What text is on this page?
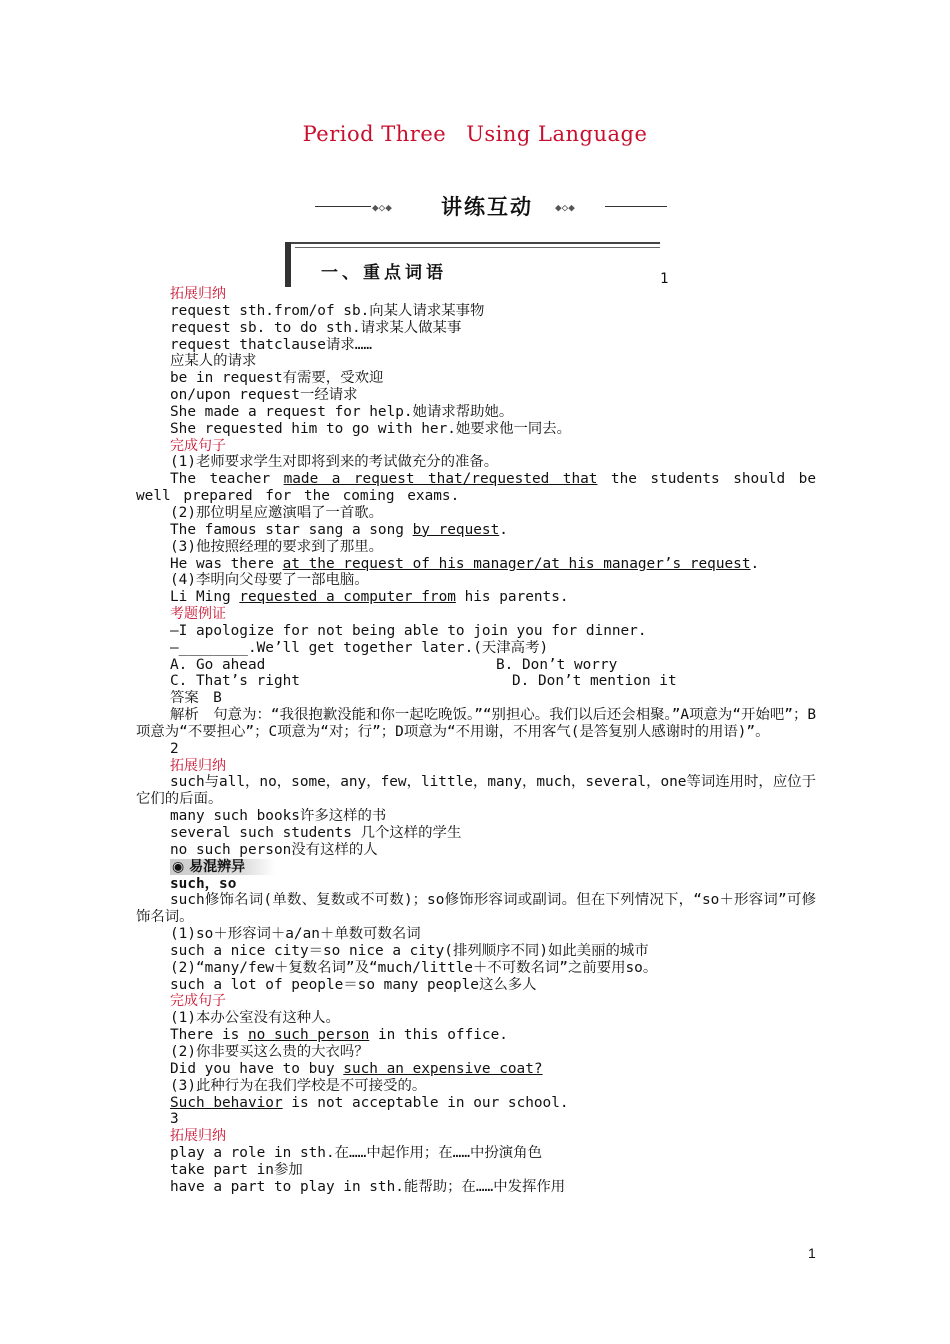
Period Three Using Language
◆◇◆ 讲练互动 ◆◇◆
一、重点词语	1
拓展归纳
request sth.from/of sb.向某人请求某事物
request sb. to do sth.请求某人做某事
request thatclause请求……
应某人的请求
be in request有需要，受欢迎
on/upon request一经请求
She made a request for help.她请求帮助她。
She requested him to go with her.她要求他一同去。
完成句子
(1)老师要求学生对即将到来的考试做充分的准备。
The teacher made a request that/requested that the students should be well prepared for the coming exams.
(2)那位明星应邀演唱了一首歌。
The famous star sang a song by request.
(3)他按照经理的要求到了那里。
He was there at the request of his manager/at his manager’s request.
(4)李明向父母要了一部电脑。
Li Ming requested a computer from his parents.
考题例证
—I apologize for not being able to join you for dinner.
—________.We’ll get together later.(天津高考)
A. Go ahead	B. Don’t worry
C. That’s right	D. Don’t mention it
答案　B
解析　句意为：“我很抱歉没能和你一起吃晚饭。”“别担心。我们以后还会相聚。”A项意为“开始吧”；B项意为“不要担心”；C项意为“对；行”；D项意为“不用谢，不用客气(是答复别人感谢时的用语)”。
2
拓展归纳
such与all，no，some，any，few，little，many，much，several，one等词连用时，应位于它们的后面。
many such books许多这样的书
several such students 几个这样的学生
no such person没有这样的人
◉ 易混辨异
such，so
such修饰名词(单数、复数或不可数)；so修饰形容词或副词。但在下列情况下，“so＋形容词”可修饰名词。
(1)so＋形容词＋a/an＋单数可数名词
such a nice city＝so nice a city(排列顺序不同)如此美丽的城市
(2)“many/few＋复数名词”及“much/little＋不可数名词”之前要用so。
such a lot of people＝so many people这么多人
完成句子
(1)本办公室没有这种人。
There is no such person in this office.
(2)你非要买这么贵的大衣吗？
Did you have to buy such an expensive coat?
(3)此种行为在我们学校是不可接受的。
Such behavior is not acceptable in our school.
3
拓展归纳
play a role in sth.在……中起作用；在……中扮演角色
take part in参加
have a part to play in sth.能帮助；在……中发挥作用
1
